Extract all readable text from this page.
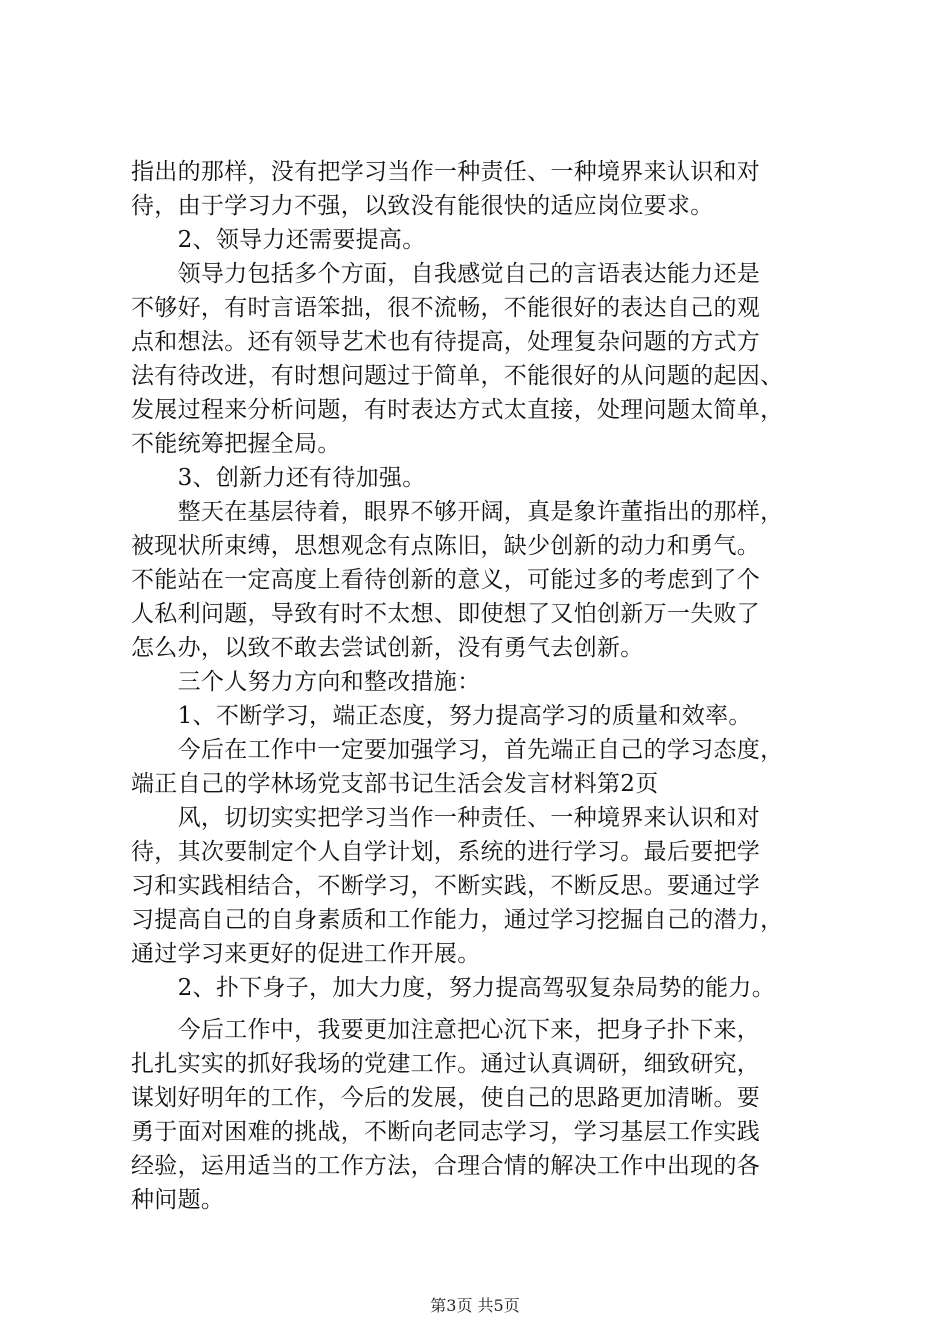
指出的那样，没有把学习当作一种责任、一种境界来认识和对
待，由于学习力不强，以致没有能很快的适应岗位要求。
　　2、领导力还需要提高。
　　领导力包括多个方面，自我感觉自己的言语表达能力还是
不够好，有时言语笨拙，很不流畅，不能很好的表达自己的观
点和想法。还有领导艺术也有待提高，处理复杂问题的方式方
法有待改进，有时想问题过于简单，不能很好的从问题的起因、
发展过程来分析问题，有时表达方式太直接，处理问题太简单，
不能统筹把握全局。
　　3、创新力还有待加强。
　　整天在基层待着，眼界不够开阔，真是象许董指出的那样，
被现状所束缚，思想观念有点陈旧，缺少创新的动力和勇气。
不能站在一定高度上看待创新的意义，可能过多的考虑到了个
人私利问题，导致有时不太想、即使想了又怕创新万一失败了
怎么办，以致不敢去尝试创新，没有勇气去创新。
　　三个人努力方向和整改措施：
　　1、不断学习，端正态度，努力提高学习的质量和效率。
　　今后在工作中一定要加强学习，首先端正自己的学习态度，
端正自己的学林场党支部书记生活会发言材料第2页
　　风，切切实实把学习当作一种责任、一种境界来认识和对
待，其次要制定个人自学计划，系统的进行学习。最后要把学
习和实践相结合，不断学习，不断实践，不断反思。要通过学
习提高自己的自身素质和工作能力，通过学习挖掘自己的潜力，
通过学习来更好的促进工作开展。
　　2、扑下身子，加大力度，努力提高驾驭复杂局势的能力。
　　今后工作中，我要更加注意把心沉下来，把身子扑下来，
扎扎实实的抓好我场的党建工作。通过认真调研，细致研究，
谋划好明年的工作，今后的发展，使自己的思路更加清晰。要
勇于面对困难的挑战，不断向老同志学习，学习基层工作实践
经验，运用适当的工作方法，合理合情的解决工作中出现的各
种问题。
第3页 共5页
